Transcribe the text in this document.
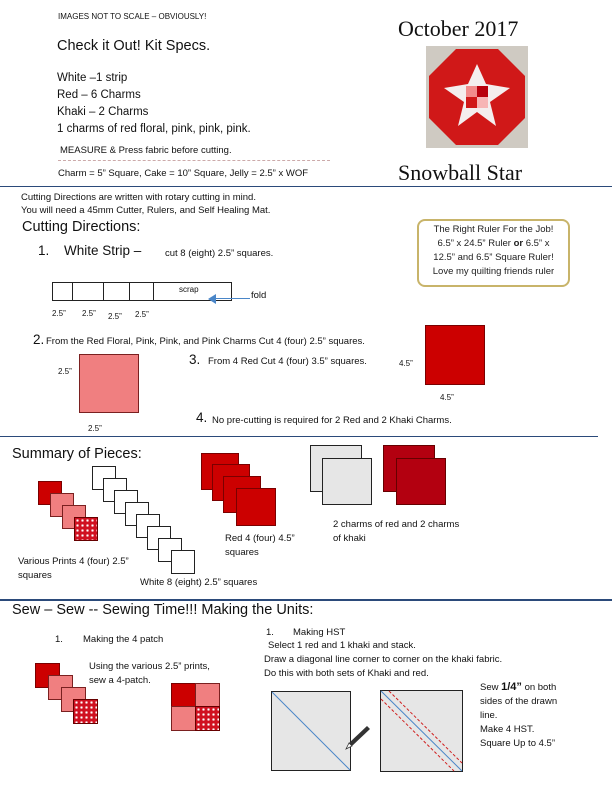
IMAGES NOT TO SCALE – OBVIOUSLY!	October 2017
Check it Out! Kit Specs.
White –1 strip
Red – 6 Charms
Khaki – 2 Charms
1 charms of red floral, pink, pink, pink.
MEASURE & Press fabric before cutting.
Charm = 5” Square, Cake = 10” Square, Jelly = 2.5” x WOF	Snowball Star
Cutting Directions are written with rotary cutting in mind.
You will need a 45mm Cutter, Rulers, and Self Healing Mat.
The Right Ruler For the Job!
6.5” x 24.5” Ruler or 6.5” x
12.5” and 6.5” Square Ruler!
Love my quilting friends ruler
Cutting Directions:
1. White Strip – cut 8 (eight) 2.5” squares.
scrap
fold
2.5” 2.5” 2.5” 2.5”
2. From the Red Floral, Pink, Pink, and Pink Charms Cut 4 (four) 2.5” squares.
2.5”
2.5”
3. From 4 Red Cut 4 (four) 3.5” squares.	4.5”
4.5”
4. No pre-cutting is required for 2 Red and 2 Khaki Charms.
Summary of Pieces:
Various Prints 4 (four) 2.5”
squares
White 8 (eight) 2.5” squares
Red 4 (four) 4.5”
squares
2 charms of red and 2 charms
of khaki
Sew – Sew -- Sewing Time!!! Making the Units:
1. Making the 4 patch
Using the various 2.5” prints,
sew a 4-patch.
1. Making HST
Select 1 red and 1 khaki and stack.
Draw a diagonal line corner to corner on the khaki fabric.
Do this with both sets of Khaki and red.
Sew 1/4” on both
sides of the drawn
line.
Make 4 HST.
Square Up to 4.5”
